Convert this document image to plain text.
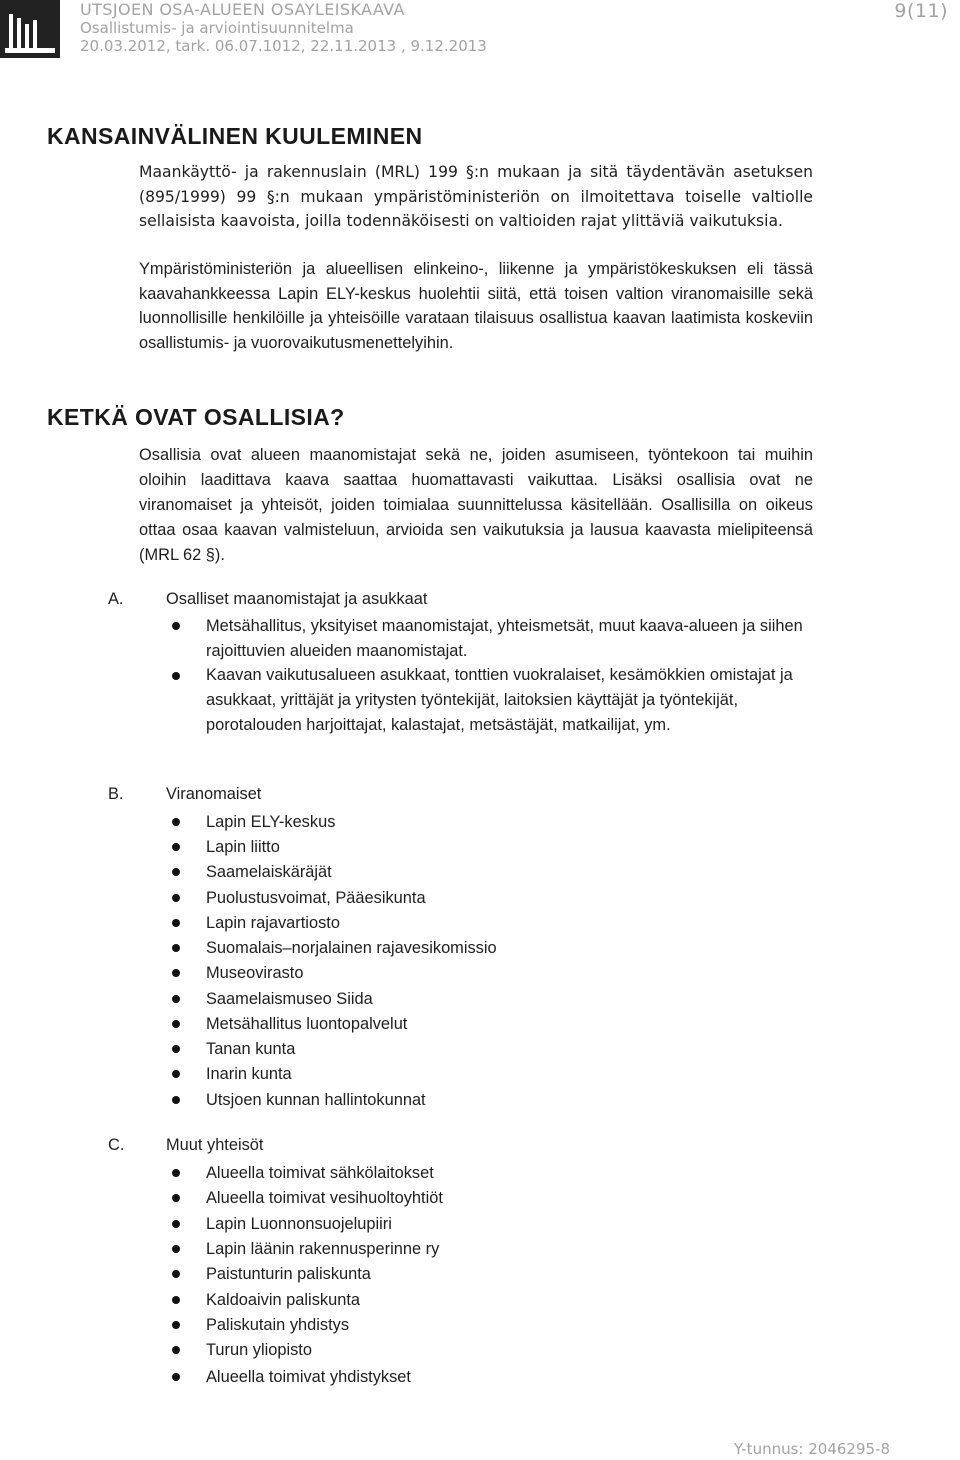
UTSJOEN OSA-ALUEEN OSAYLEISKAAVA
Osallistumis- ja arviointisuunnitelma
20.03.2012, tark. 06.07.1012, 22.11.2013 , 9.12.2013
9(11)
KANSAINVÄLINEN KUULEMINEN
Maankäyttö- ja rakennuslain (MRL) 199 §:n mukaan ja sitä täydentävän asetuksen (895/1999) 99 §:n mukaan ympäristöministeriön on ilmoitettava toiselle valtiolle sellaisista kaavoista, joilla todennäköisesti on valtioiden rajat ylittäviä vaikutuksia.
Ympäristöministeriön ja alueellisen elinkeino-, liikenne ja ympäristökeskuksen eli tässä kaavahankkeessa Lapin ELY-keskus huolehtii siitä, että toisen valtion viranomaisille sekä luonnollisille henkilöille ja yhteisöille varataan tilaisuus osallistua kaavan laatimista koskeviin osallistumis- ja vuorovaikutusmenettelyihin.
KETKÄ OVAT OSALLISIA?
Osallisia ovat alueen maanomistajat sekä ne, joiden asumiseen, työntekoon tai muihin oloihin laadittava kaava saattaa huomattavasti vaikuttaa. Lisäksi osallisia ovat ne viranomaiset ja yhteisöt, joiden toimialaa suunnittelussa käsitellään. Osallisilla on oikeus ottaa osaa kaavan valmisteluun, arvioida sen vaikutuksia ja lausua kaavasta mielipiteensä (MRL 62 §).
A.	Osalliset maanomistajat ja asukkaat
Metsähallitus, yksityiset maanomistajat, yhteismetsät, muut kaava-alueen ja siihen rajoittuvien alueiden maanomistajat.
Kaavan vaikutusalueen asukkaat, tonttien vuokralaiset, kesämökkien omistajat ja asukkaat, yrittäjät ja yritysten työntekijät, laitoksien käyttäjät ja työntekijät, porotalouden harjoittajat, kalastajat, metsästäjät, matkailijat, ym.
B.	Viranomaiset
Lapin ELY-keskus
Lapin liitto
Saamelaiskäräjät
Puolustusvoimat, Pääesikunta
Lapin rajavartiosto
Suomalais–norjalainen rajavesikomissio
Museovirasto
Saamelaismuseo Siida
Metsähallitus luontopalvelut
Tanan kunta
Inarin kunta
Utsjoen kunnan hallintokunnat
C.	Muut yhteisöt
Alueella toimivat sähkölaitokset
Alueella toimivat vesihuoltoyhtiöt
Lapin Luonnonsuojelupiiri
Lapin läänin rakennusperinne ry
Paistunturin paliskunta
Kaldoaivin paliskunta
Paliskutain yhdistys
Turun yliopisto
Alueella toimivat yhdistykset
Y-tunnus: 2046295-8
